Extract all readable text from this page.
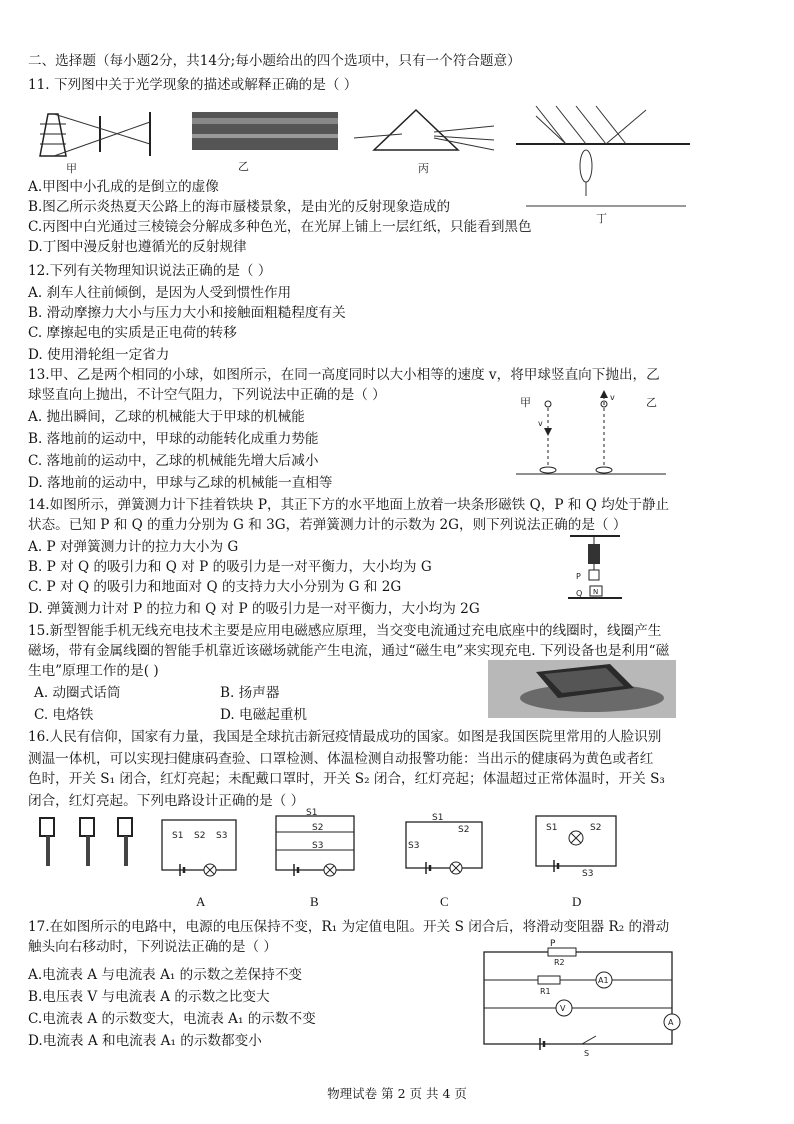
二、选择题（每小题2分，共14分;每小题给出的四个选项中，只有一个符合题意）
11. 下列图中关于光学现象的描述或解释正确的是（ ）
甲	乙	丙
丁
A.甲图中小孔成的是倒立的虚像
B.图乙所示炎热夏天公路上的海市蜃楼景象，是由光的反射现象造成的
C.丙图中白光通过三棱镜会分解成多种色光，在光屏上铺上一层红纸，只能看到黑色
D.丁图中漫反射也遵循光的反射规律
12.下列有关物理知识说法正确的是（ ）
A. 刹车人往前倾倒，是因为人受到惯性作用
B. 滑动摩擦力大小与压力大小和接触面粗糙程度有关
C. 摩擦起电的实质是正电荷的转移
D. 使用滑轮组一定省力
13.甲、乙是两个相同的小球，如图所示，在同一高度同时以大小相等的速度 v，将甲球竖直向下抛出，乙
球竖直向上抛出，不计空气阻力，下列说法中正确的是（ ）
A. 抛出瞬间，乙球的机械能大于甲球的机械能
B. 落地前的运动中，甲球的动能转化成重力势能
C. 落地前的运动中，乙球的机械能先增大后减小
D. 落地前的运动中，甲球与乙球的机械能一直相等
甲	乙
v
v
14.如图所示，弹簧测力计下挂着铁块 P，其正下方的水平地面上放着一块条形磁铁 Q，P 和 Q 均处于静止
状态。已知 P 和 Q 的重力分别为 G 和 3G，若弹簧测力计的示数为 2G，则下列说法正确的是（ ）
A. P 对弹簧测力计的拉力大小为 G
B. P 对 Q 的吸引力和 Q 对 P 的吸引力是一对平衡力，大小均为 G
C. P 对 Q 的吸引力和地面对 Q 的支持力大小分别为 G 和 2G
D. 弹簧测力计对 P 的拉力和 Q 对 P 的吸引力是一对平衡力，大小均为 2G
P
N
Q
15.新型智能手机无线充电技术主要是应用电磁感应原理，当交变电流通过充电底座中的线圈时，线圈产生
磁场，带有金属线圈的智能手机靠近该磁场就能产生电流，通过“磁生电”来实现充电. 下列设备也是利用“磁
生电”原理工作的是( )
A. 动圈式话筒	B. 扬声器
C. 电烙铁	D. 电磁起重机
16.人民有信仰，国家有力量，我国是全球抗击新冠疫情最成功的国家。如图是我国医院里常用的人脸识别
测温一体机，可以实现扫健康码查验、口罩检测、体温检测自动报警功能：当出示的健康码为黄色或者红
色时，开关 S₁ 闭合，红灯亮起；未配戴口罩时，开关 S₂ 闭合，红灯亮起；体温超过正常体温时，开关 S₃
闭合，红灯亮起。下列电路设计正确的是（ ）
S1 S2 S3
S1
S2
S3
S1
S2
S3
S1	S2
S3
A	B	C	D
17.在如图所示的电路中，电源的电压保持不变，R₁ 为定值电阻。开关 S 闭合后，将滑动变阻器 R₂ 的滑动
触头向右移动时，下列说法正确的是（ ）
A.电流表 A 与电流表 A₁ 的示数之差保持不变
B.电压表 V 与电流表 A 的示数之比变大
C.电流表 A 的示数变大，电流表 A₁ 的示数不变
D.电流表 A 和电流表 A₁ 的示数都变小
P
R2
R1
A1
V
A
S
物理试卷 第 2 页 共 4 页
